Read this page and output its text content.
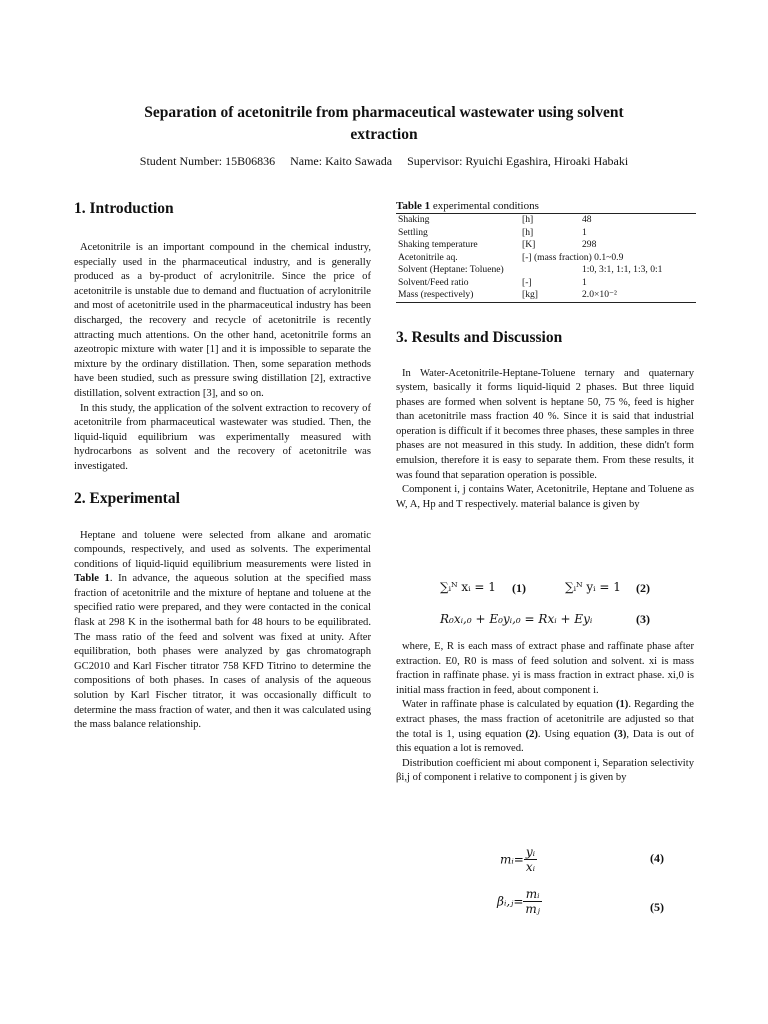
Separation of acetonitrile from pharmaceutical wastewater using solvent
extraction
Student Number: 15B06836 Name: Kaito Sawada Supervisor: Ryuichi Egashira, Hiroaki Habaki
1. Introduction

Acetonitrile is an important compound in the chemical industry, especially used in the pharmaceutical industry, and is generally produced as a by-product of acrylonitrile. Since the price of acetonitrile is unstable due to demand and fluctuation of acrylonitrile and most of acetonitrile used in the pharmaceutical industry has been discharged, the recovery and recycle of acetonitrile is recently attracting much attentions. On the other hand, acetonitrile forms an azeotropic mixture with water [1] and it is impossible to separate the mixture by the ordinary distillation. Then, some separation methods have been studied, such as pressure swing distillation [2], extractive distillation, solvent extraction [3], and so on.

In this study, the application of the solvent extraction to recovery of acetonitrile from pharmaceutical wastewater was studied. Then, the liquid-liquid equilibrium was experimentally measured with hydrocarbons as solvent and the recovery of acetonitrile was investigated.

2. Experimental

Heptane and toluene were selected from alkane and aromatic compounds, respectively, and used as solvents. The experimental conditions of liquid-liquid equilibrium measurements were listed in Table 1. In advance, the aqueous solution at the specified mass fraction of acetonitrile and the mixture of heptane and toluene at the specified ratio were prepared, and they were contacted in the conical flask at 298 K in the isothermal bath for 48 hours to be equilibrated. The mass ratio of the feed and solvent was fixed at unity. After equilibration, both phases were analyzed by gas chromatograph GC2010 and Karl Fischer titrator 758 KFD Titrino to determine the compositions of both phases. In cases of analysis of the aqueous solution by Karl Fischer titrator, it was occasionally difficult to determine the mass fraction of water, and then it was calculated using the mass balance relationship.

Table 1 experimental conditions
Shaking	[h]	48
Settling	[h]	1
Shaking temperature	[K]	298
Acetonitrile aq.	[-] (mass fraction) 0.1~0.9	
Solvent (Heptane: Toluene)		1:0, 3:1, 1:1, 1:3, 0:1
Solvent/Feed ratio	[-]	1
Mass (respectively)	[kg]	2.0×10⁻²
3. Results and Discussion

In Water-Acetonitrile-Heptane-Toluene ternary and quaternary system, basically it forms liquid-liquid 2 phases. But three liquid phases are formed when solvent is heptane 50, 75 %, feed is higher than acetonitrile mass fraction 40 %. Since it is said that industrial operation is difficult if it becomes three phases, these samples in three phases are not measured in this study. In addition, these didn't form emulsion, therefore it is easy to separate them. From these results, it was found that separation operation is possible.

Component i, j contains Water, Acetonitrile, Heptane and Toluene as W, A, Hp and T respectively. material balance is given by

∑ᵢᴺ xᵢ = 1 (1)	∑ᵢᴺ yᵢ = 1 (2)
R₀xᵢ,₀ + E₀yᵢ,₀ = Rxᵢ + Eyᵢ	(3)

where, E, R is each mass of extract phase and raffinate phase after extraction. E0, R0 is mass of feed solution and solvent. xi is mass fraction in raffinate phase. yi is mass fraction in extract phase. xi,0 is initial mass fraction in feed, about component i.

Water in raffinate phase is calculated by equation (1). Regarding the extract phases, the mass fraction of acetonitrile are adjusted so that the total is 1, using equation (2). Using equation (3), Data is out of this equation a lot is removed.

Distribution coefficient mi about component i, Separation selectivity βi,j of component i relative to component j is given by

mᵢ= $\frac{\text{yᵢ}}{\text{xᵢ}}$	(4)
βᵢ,ⱼ= $\frac{\text{mᵢ}}{\text{mⱼ}}$	(5)
